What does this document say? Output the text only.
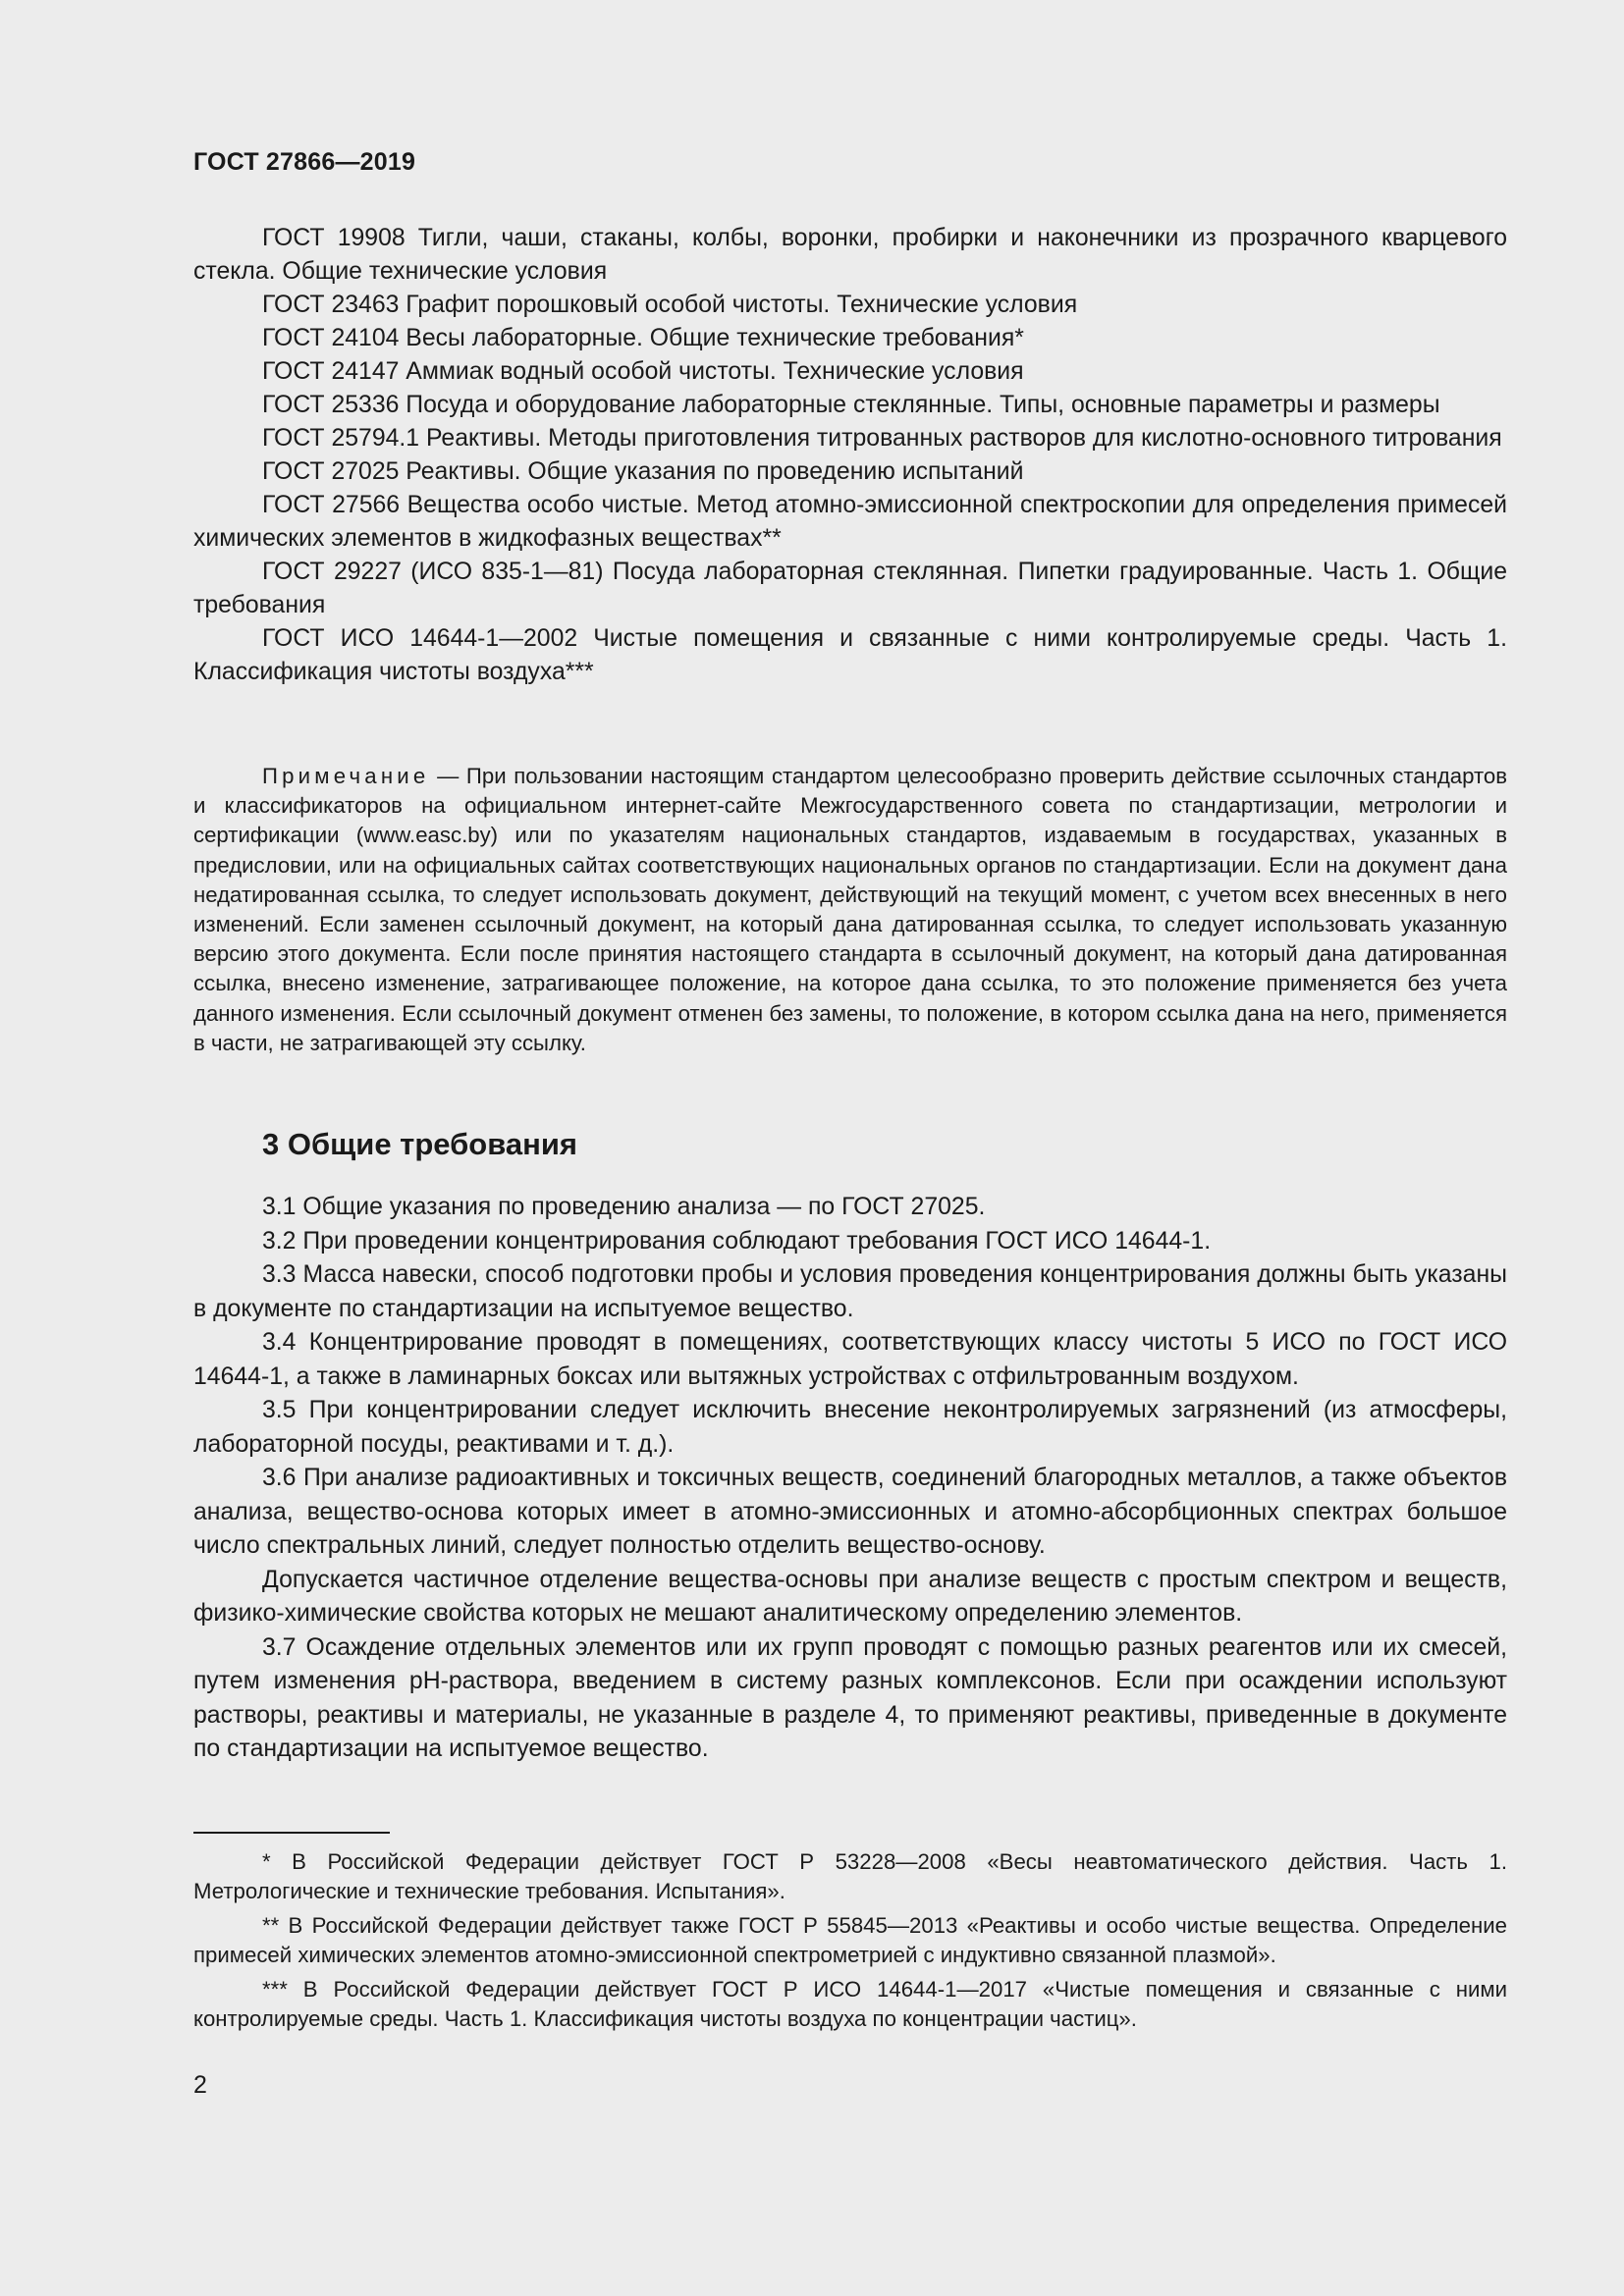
ГОСТ 27866—2019

ГОСТ 19908 Тигли, чаши, стаканы, колбы, воронки, пробирки и наконечники из прозрачного кварцевого стекла. Общие технические условия

ГОСТ 23463 Графит порошковый особой чистоты. Технические условия

ГОСТ 24104 Весы лабораторные. Общие технические требования*

ГОСТ 24147 Аммиак водный особой чистоты. Технические условия

ГОСТ 25336 Посуда и оборудование лабораторные стеклянные. Типы, основные параметры и размеры

ГОСТ 25794.1 Реактивы. Методы приготовления титрованных растворов для кислотно-основного титрования

ГОСТ 27025 Реактивы. Общие указания по проведению испытаний

ГОСТ 27566 Вещества особо чистые. Метод атомно-эмиссионной спектроскопии для определения примесей химических элементов в жидкофазных веществах**

ГОСТ 29227 (ИСО 835-1—81) Посуда лабораторная стеклянная. Пипетки градуированные. Часть 1. Общие требования

ГОСТ ИСО 14644-1—2002 Чистые помещения и связанные с ними контролируемые среды. Часть 1. Классификация чистоты воздуха***

Примечание — При пользовании настоящим стандартом целесообразно проверить действие ссылочных стандартов и классификаторов на официальном интернет-сайте Межгосударственного совета по стандартизации, метрологии и сертификации (www.easc.by) или по указателям национальных стандартов, издаваемым в государствах, указанных в предисловии, или на официальных сайтах соответствующих национальных органов по стандартизации. Если на документ дана недатированная ссылка, то следует использовать документ, действующий на текущий момент, с учетом всех внесенных в него изменений. Если заменен ссылочный документ, на который дана датированная ссылка, то следует использовать указанную версию этого документа. Если после принятия настоящего стандарта в ссылочный документ, на который дана датированная ссылка, внесено изменение, затрагивающее положение, на которое дана ссылка, то это положение применяется без учета данного изменения. Если ссылочный документ отменен без замены, то положение, в котором ссылка дана на него, применяется в части, не затрагивающей эту ссылку.

3 Общие требования

3.1 Общие указания по проведению анализа — по ГОСТ 27025.

3.2 При проведении концентрирования соблюдают требования ГОСТ ИСО 14644-1.

3.3 Масса навески, способ подготовки пробы и условия проведения концентрирования должны быть указаны в документе по стандартизации на испытуемое вещество.

3.4 Концентрирование проводят в помещениях, соответствующих классу чистоты 5 ИСО по ГОСТ ИСО 14644-1, а также в ламинарных боксах или вытяжных устройствах с отфильтрованным воздухом.

3.5 При концентрировании следует исключить внесение неконтролируемых загрязнений (из атмосферы, лабораторной посуды, реактивами и т. д.).

3.6 При анализе радиоактивных и токсичных веществ, соединений благородных металлов, а также объектов анализа, вещество-основа которых имеет в атомно-эмиссионных и атомно-абсорбционных спектрах большое число спектральных линий, следует полностью отделить вещество-основу.

Допускается частичное отделение вещества-основы при анализе веществ с простым спектром и веществ, физико-химические свойства которых не мешают аналитическому определению элементов.

3.7 Осаждение отдельных элементов или их групп проводят с помощью разных реагентов или их смесей, путем изменения рН-раствора, введением в систему разных комплексонов. Если при осаждении используют растворы, реактивы и материалы, не указанные в разделе 4, то применяют реактивы, приведенные в документе по стандартизации на испытуемое вещество.

* В Российской Федерации действует ГОСТ Р 53228—2008 «Весы неавтоматического действия. Часть 1. Метрологические и технические требования. Испытания».

** В Российской Федерации действует также ГОСТ Р 55845—2013 «Реактивы и особо чистые вещества. Определение примесей химических элементов атомно-эмиссионной спектрометрией с индуктивно связанной плазмой».

*** В Российской Федерации действует ГОСТ Р ИСО 14644-1—2017 «Чистые помещения и связанные с ними контролируемые среды. Часть 1. Классификация чистоты воздуха по концентрации частиц».

2
